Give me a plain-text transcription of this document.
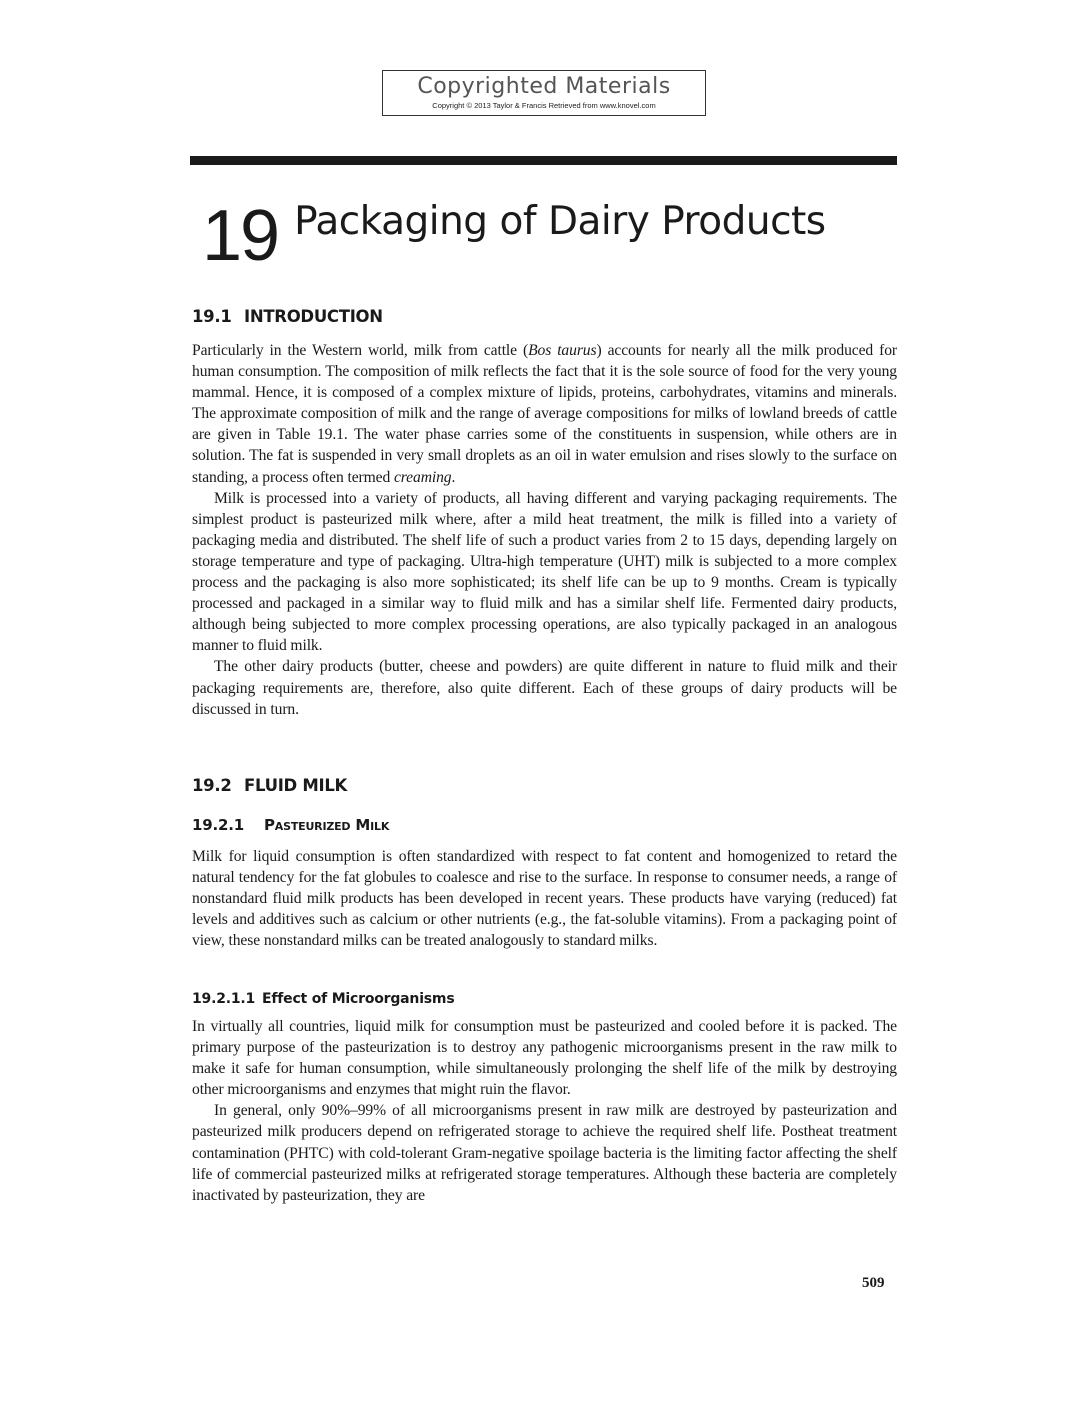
Copyrighted Materials
Copyright © 2013 Taylor & Francis Retrieved from www.knovel.com
19 Packaging of Dairy Products
19.1 INTRODUCTION

Particularly in the Western world, milk from cattle (Bos taurus) accounts for nearly all the milk produced for human consumption. The composition of milk reflects the fact that it is the sole source of food for the very young mammal. Hence, it is composed of a complex mixture of lipids, proteins, carbohydrates, vitamins and minerals. The approximate composition of milk and the range of average compositions for milks of lowland breeds of cattle are given in Table 19.1. The water phase carries some of the constituents in suspension, while others are in solution. The fat is suspended in very small droplets as an oil in water emulsion and rises slowly to the surface on standing, a process often termed creaming.

Milk is processed into a variety of products, all having different and varying packaging requirements. The simplest product is pasteurized milk where, after a mild heat treatment, the milk is filled into a variety of packaging media and distributed. The shelf life of such a product varies from 2 to 15 days, depending largely on storage temperature and type of packaging. Ultra-high temperature (UHT) milk is subjected to a more complex process and the packaging is also more sophisticated; its shelf life can be up to 9 months. Cream is typically processed and packaged in a similar way to fluid milk and has a similar shelf life. Fermented dairy products, although being subjected to more complex processing operations, are also typically packaged in an analogous manner to fluid milk.

The other dairy products (butter, cheese and powders) are quite different in nature to fluid milk and their packaging requirements are, therefore, also quite different. Each of these groups of dairy products will be discussed in turn.

19.2 FLUID MILK
19.2.1 Pasteurized Milk

Milk for liquid consumption is often standardized with respect to fat content and homogenized to retard the natural tendency for the fat globules to coalesce and rise to the surface. In response to consumer needs, a range of nonstandard fluid milk products has been developed in recent years. These products have varying (reduced) fat levels and additives such as calcium or other nutrients (e.g., the fat-soluble vitamins). From a packaging point of view, these nonstandard milks can be treated analogously to standard milks.

19.2.1.1 Effect of Microorganisms

In virtually all countries, liquid milk for consumption must be pasteurized and cooled before it is packed. The primary purpose of the pasteurization is to destroy any pathogenic microorganisms present in the raw milk to make it safe for human consumption, while simultaneously prolonging the shelf life of the milk by destroying other microorganisms and enzymes that might ruin the flavor.

In general, only 90%–99% of all microorganisms present in raw milk are destroyed by pasteurization and pasteurized milk producers depend on refrigerated storage to achieve the required shelf life. Postheat treatment contamination (PHTC) with cold-tolerant Gram-negative spoilage bacteria is the limiting factor affecting the shelf life of commercial pasteurized milks at refrigerated storage temperatures. Although these bacteria are completely inactivated by pasteurization, they are

509
